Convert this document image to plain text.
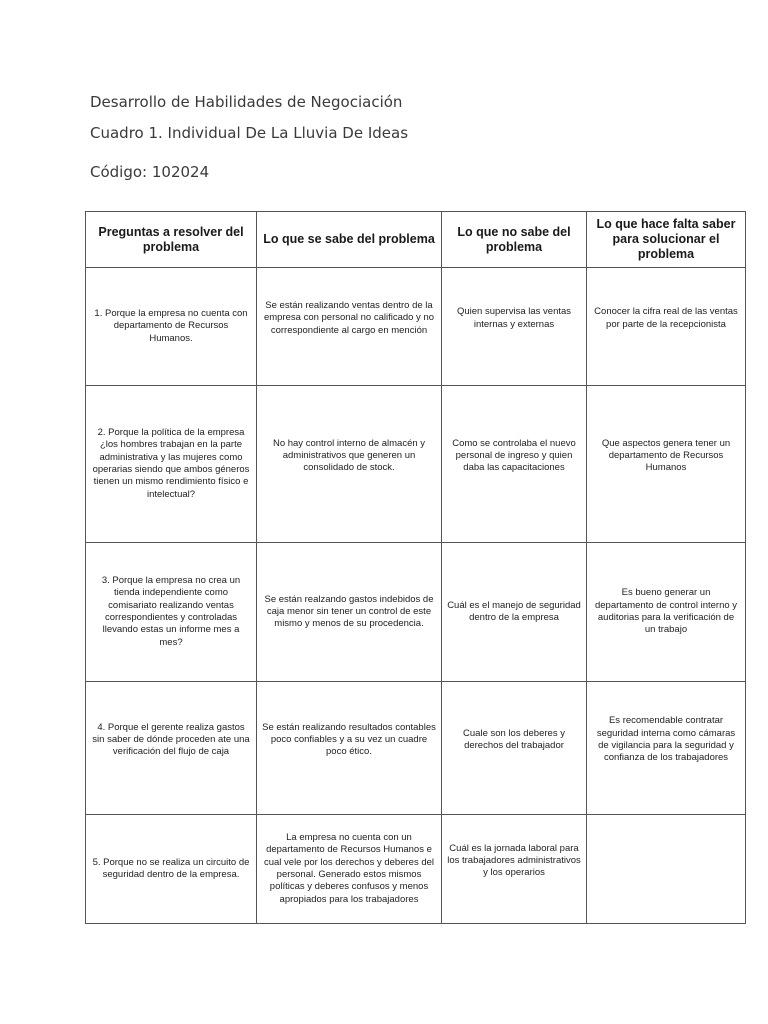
Desarrollo de Habilidades de Negociación
Cuadro 1. Individual De La Lluvia De Ideas
Código: 102024
Preguntas a resolver del problema	Lo que se sabe del problema	Lo que no sabe del problema	Lo que hace falta saber para solucionar el problema

1. Porque la empresa no cuenta con departamento de Recursos Humanos.	Se están realizando ventas dentro de la empresa con personal no calificado y no correspondiente al cargo en mención	Quien supervisa las ventas internas y externas	Conocer la cifra real de las ventas por parte de la recepcionista

2. Porque la política de la empresa ¿los hombres trabajan en la parte administrativa y las mujeres como operarias siendo que ambos géneros tienen un mismo rendimiento físico e intelectual?	No hay control interno de almacén y administrativos que generen un consolidado de stock.	Como se controlaba el nuevo personal de ingreso y quien daba las capacitaciones	Que aspectos genera tener un departamento de Recursos Humanos

3. Porque la empresa no crea un tienda independiente como comisariato realizando ventas correspondientes y controladas llevando estas un informe mes a mes?	Se están realzando gastos indebidos de caja menor sin tener un control de este mismo y menos de su procedencia.	Cuál es el manejo de seguridad dentro de la empresa	Es bueno generar un departamento de control interno y auditorias para la verificación de un trabajo

4. Porque el gerente realiza gastos sin saber de dónde proceden ate una verificación del flujo de caja	Se están realizando resultados contables poco confiables y a su vez un cuadre poco ético.	Cuale son los deberes y derechos del trabajador	Es recomendable contratar seguridad interna como cámaras de vigilancia para la seguridad y confianza de los trabajadores

5. Porque no se realiza un circuito de seguridad dentro de la empresa.	La empresa no cuenta con un departamento de Recursos Humanos e cual vele por los derechos y deberes del personal. Generado estos mismos políticas y deberes confusos y menos apropiados para los trabajadores	Cuál es la jornada laboral para los trabajadores administrativos y los operarios	
